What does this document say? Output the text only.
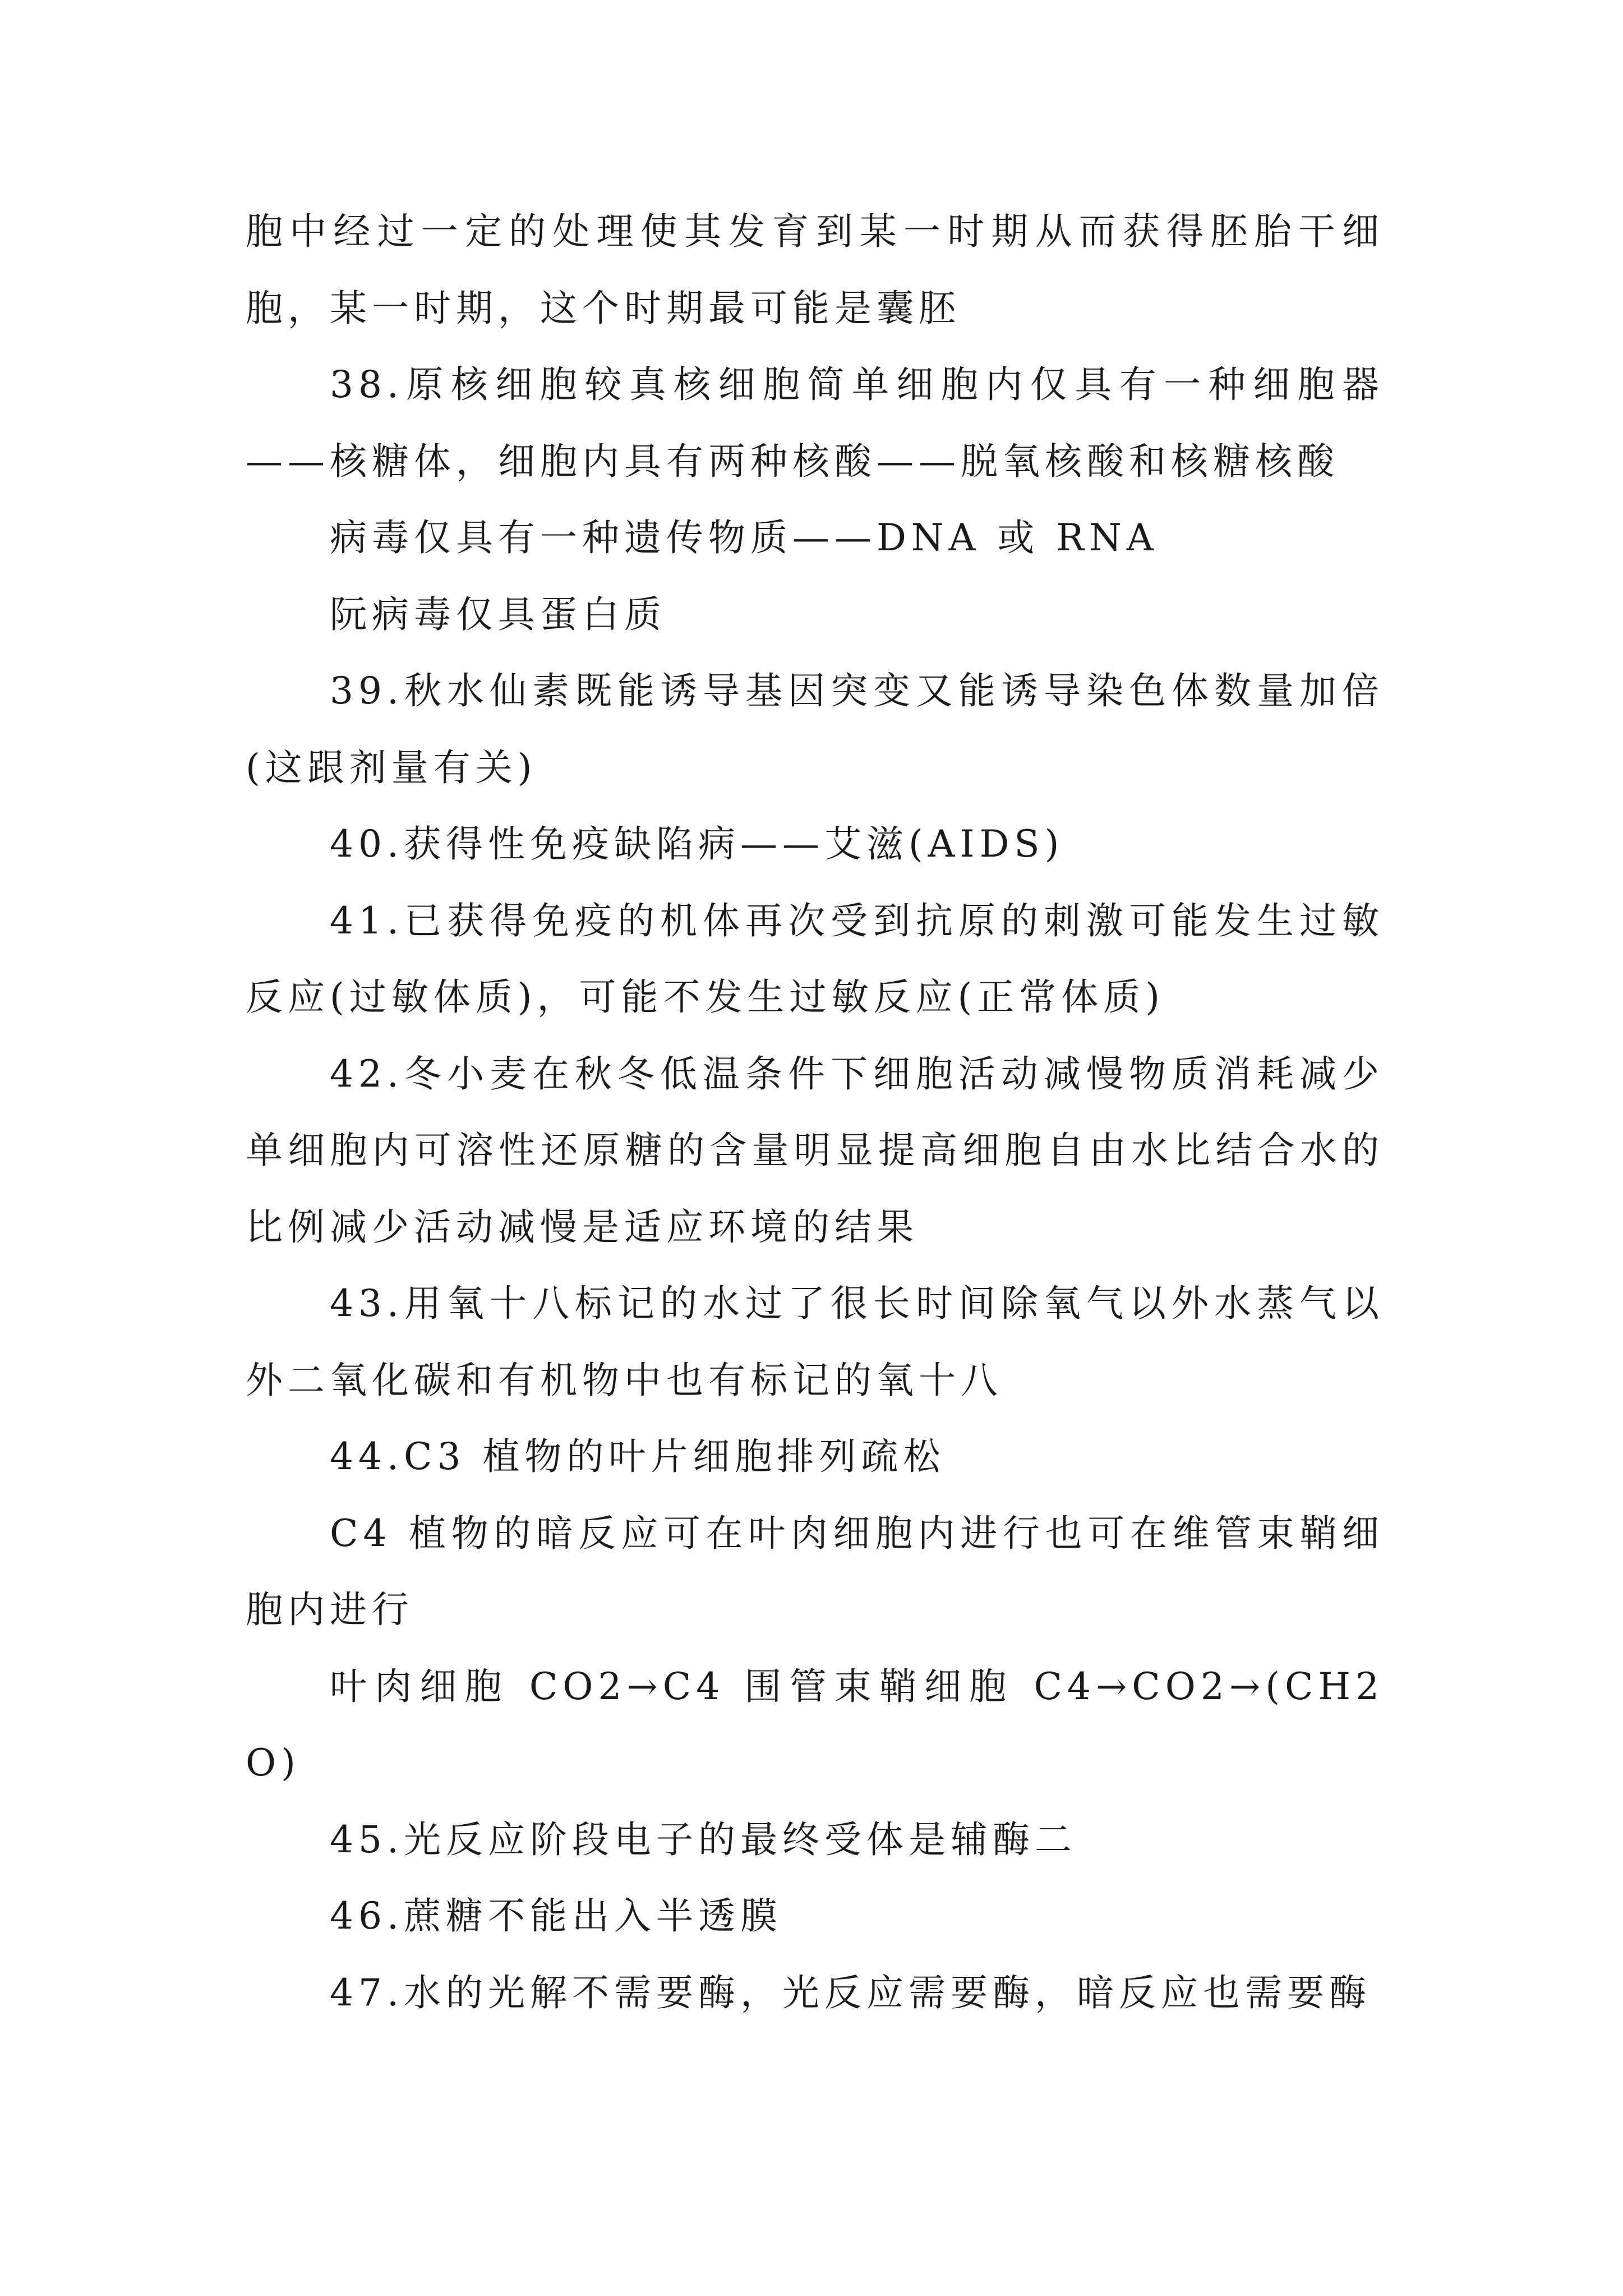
胞中经过一定的处理使其发育到某一时期从而获得胚胎干细胞，某一时期，这个时期最可能是囊胚

38.原核细胞较真核细胞简单细胞内仅具有一种细胞器——核糖体，细胞内具有两种核酸——脱氧核酸和核糖核酸

病毒仅具有一种遗传物质——DNA 或 RNA

阮病毒仅具蛋白质

39.秋水仙素既能诱导基因突变又能诱导染色体数量加倍(这跟剂量有关)

40.获得性免疫缺陷病——艾滋(AIDS)

41.已获得免疫的机体再次受到抗原的刺激可能发生过敏反应(过敏体质)，可能不发生过敏反应(正常体质)

42.冬小麦在秋冬低温条件下细胞活动减慢物质消耗减少单细胞内可溶性还原糖的含量明显提高细胞自由水比结合水的比例减少活动减慢是适应环境的结果

43.用氧十八标记的水过了很长时间除氧气以外水蒸气以外二氧化碳和有机物中也有标记的氧十八

44.C3 植物的叶片细胞排列疏松

C4 植物的暗反应可在叶肉细胞内进行也可在维管束鞘细胞内进行

叶肉细胞 CO2→C4 围管束鞘细胞 C4→CO2→(CH2O)

45.光反应阶段电子的最终受体是辅酶二

46.蔗糖不能出入半透膜

47.水的光解不需要酶，光反应需要酶，暗反应也需要酶
